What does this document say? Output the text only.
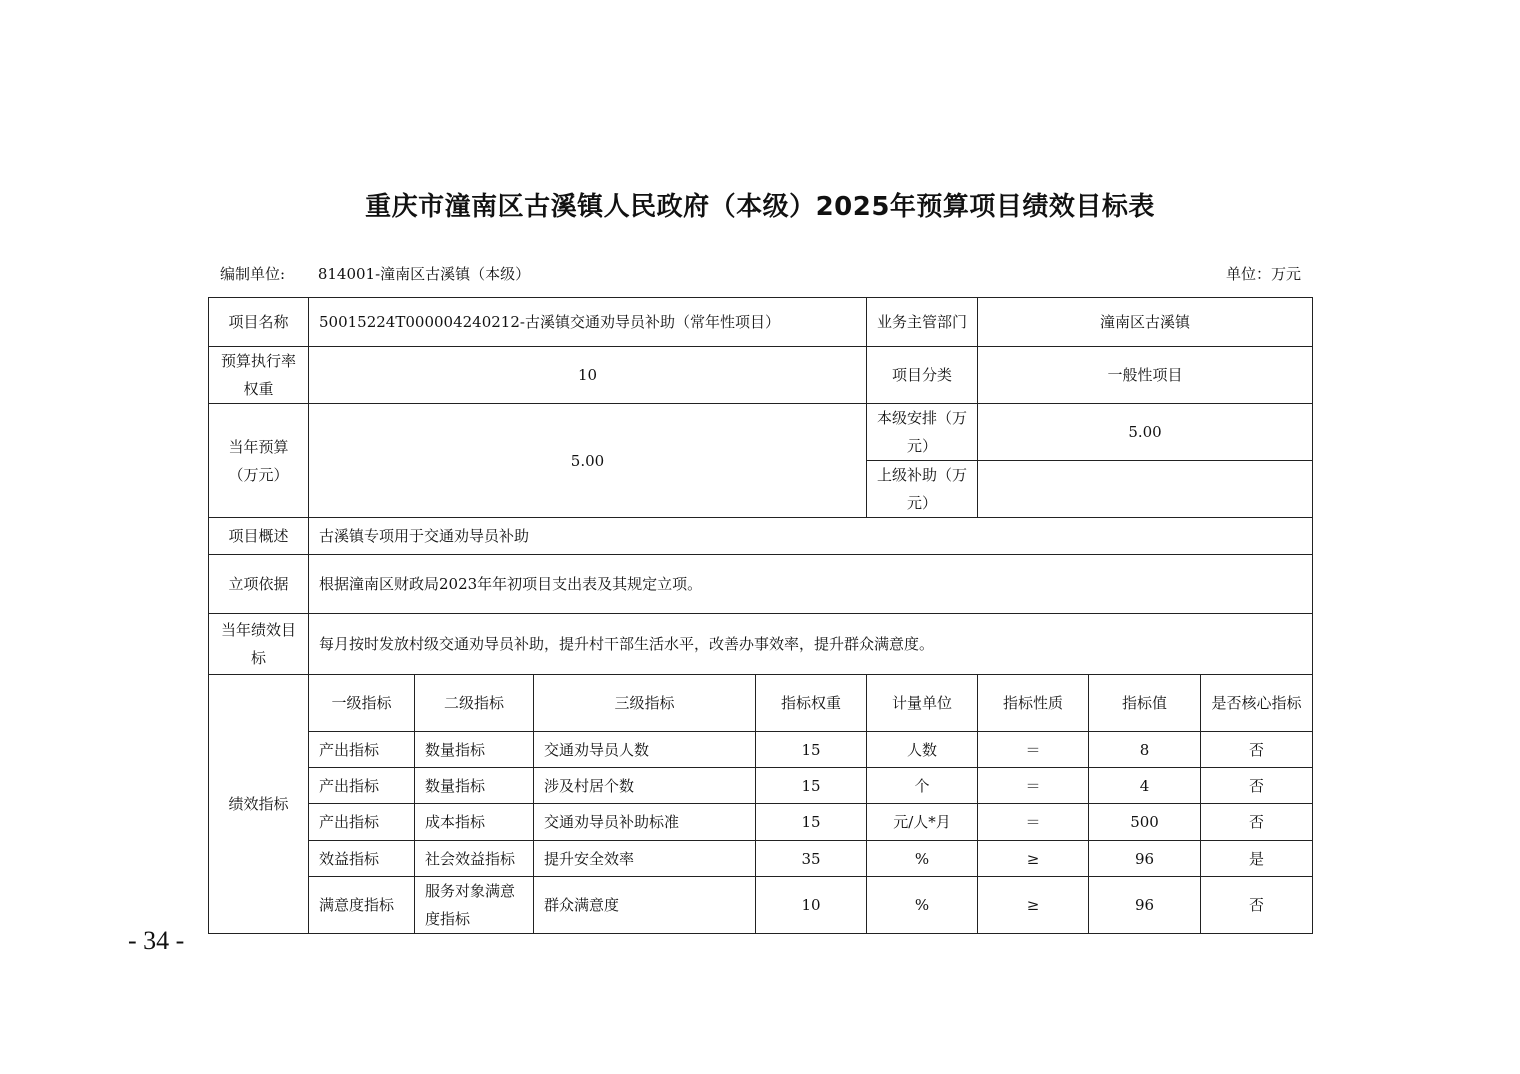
重庆市潼南区古溪镇人民政府（本级）2025年预算项目绩效目标表
编制单位: 814001-潼南区古溪镇（本级）	单位：万元
项目名称	50015224T000004240212-古溪镇交通劝导员补助（常年性项目）				业务主管部门	潼南区古溪镇		
预算执行率权重	10				项目分类	一般性项目		
当年预算（万元）	5.00				本级安排（万元）	5.00		
					上级补助（万元）			
项目概述	古溪镇专项用于交通劝导员补助							
立项依据	根据潼南区财政局2023年年初项目支出表及其规定立项。							
当年绩效目标	每月按时发放村级交通劝导员补助，提升村干部生活水平，改善办事效率，提升群众满意度。							
绩效指标	一级指标	二级指标	三级指标	指标权重	计量单位	指标性质	指标值	是否核心指标
	产出指标	数量指标	交通劝导员人数	15	人数	＝	8	否
	产出指标	数量指标	涉及村居个数	15	个	＝	4	否
	产出指标	成本指标	交通劝导员补助标准	15	元/人*月	＝	500	否
	效益指标	社会效益指标	提升安全效率	35	%	≥	96	是
	满意度指标	服务对象满意度指标	群众满意度	10	%	≥	96	否
- 34 -
